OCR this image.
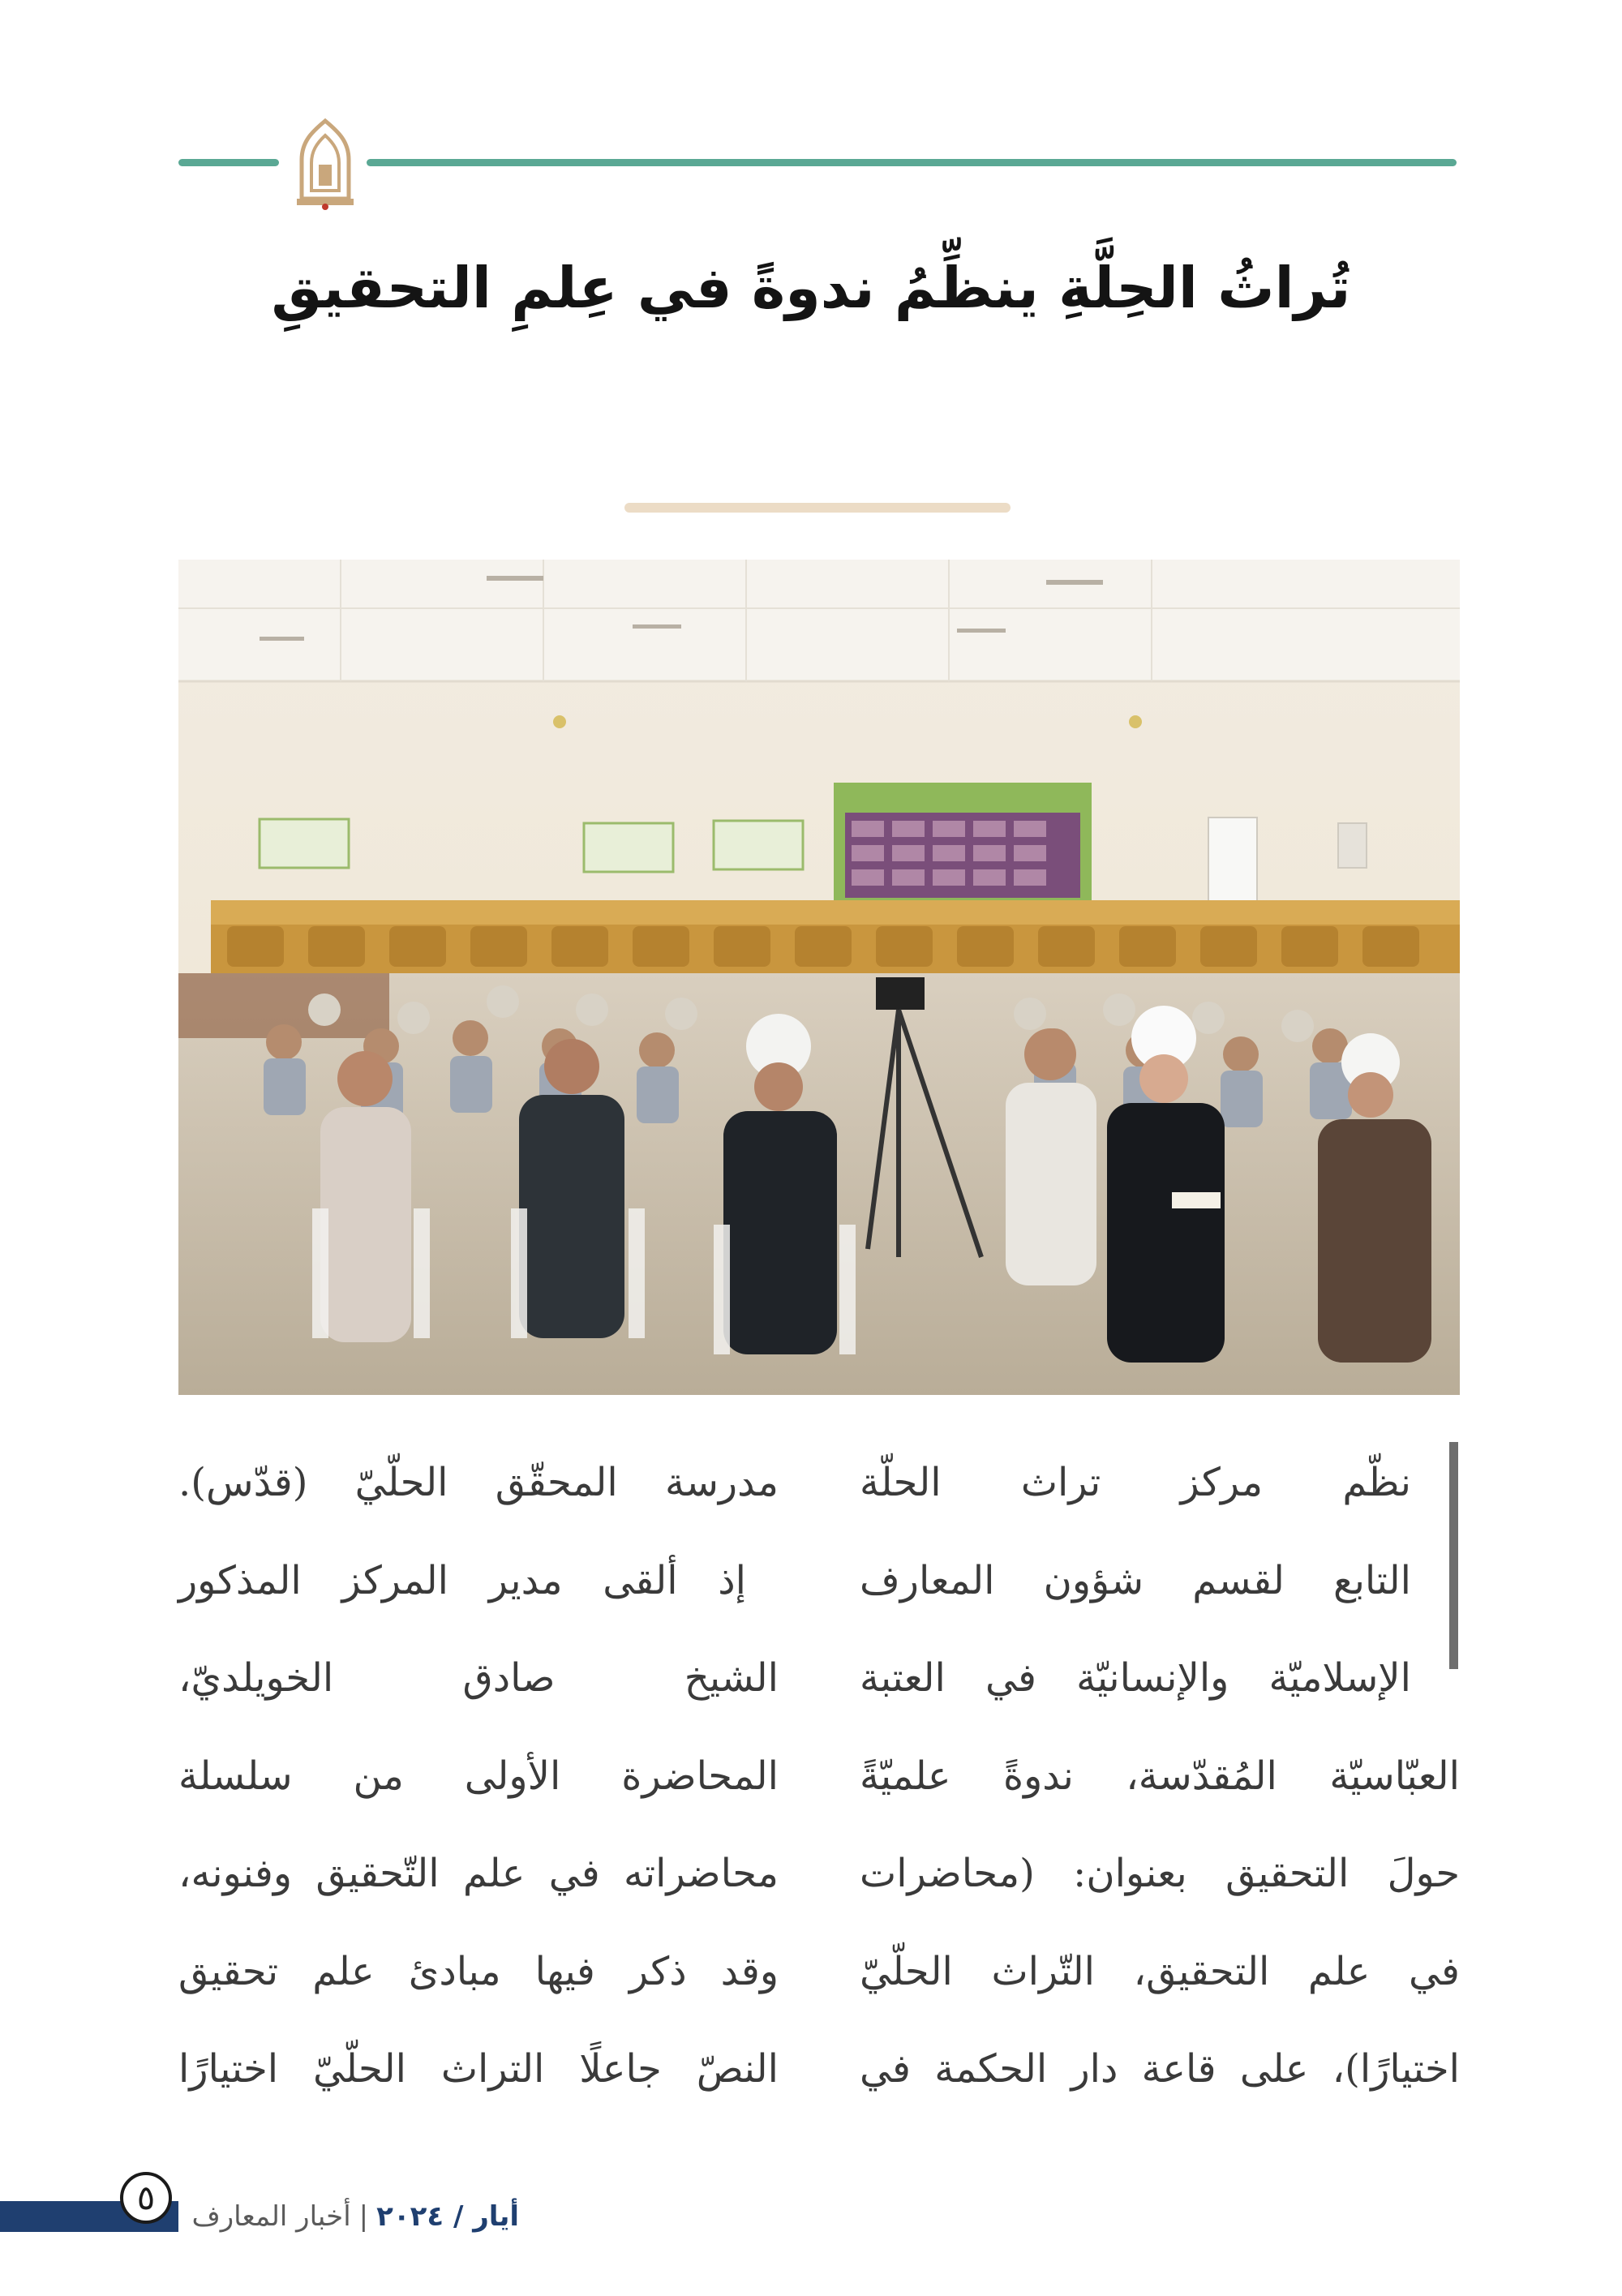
تُراثُ الحِلَّةِ ينظِّمُ ندوةً في عِلمِ التحقيقِ

نظّم مركز تراث الحلّة

التابع لقسم شؤون المعارف

الإسلاميّة والإنسانيّة في العتبة

العبّاسيّة المُقدّسة، ندوةً علميّةً

حولَ التحقيق بعنوان: (محاضرات

في علم التحقيق، التّراث الحلّيّ

اختيارًا)، على قاعة دار الحكمة في

مدرسة المحقّق الحلّيّ (قدّس).

إذ ألقى مدير المركز المذكور

الشيخ صادق الخويلديّ،

المحاضرة الأولى من سلسلة

محاضراته في علم التّحقيق وفنونه،

وقد ذكر فيها مبادئ علم تحقيق

النصّ جاعلًا التراث الحلّيّ اختيارًا

٥	أيار / ٢٠٢٤|أخبار المعارف
